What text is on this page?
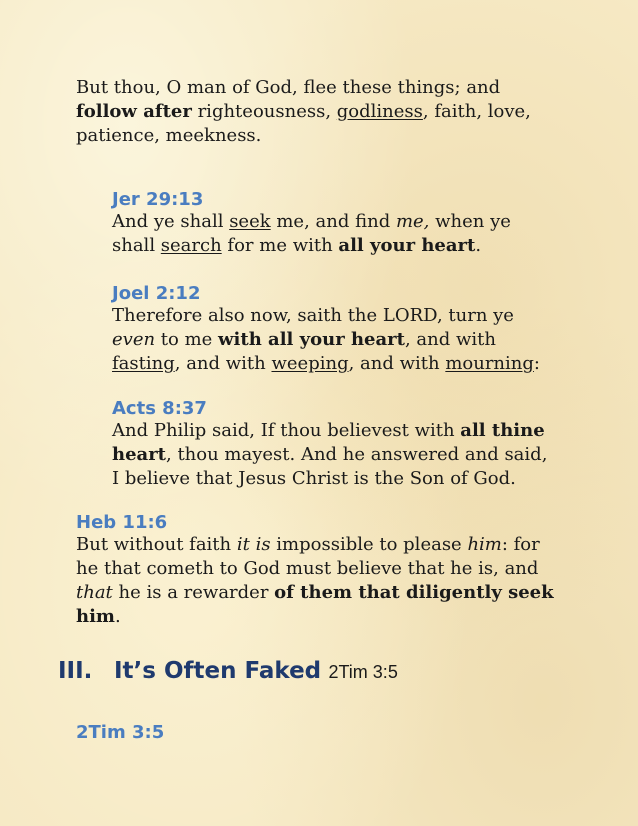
But thou, O man of God, flee these things; and
follow after righteousness, godliness, faith, love,
patience, meekness.

Jer 29:13

And ye shall seek me, and find me, when ye
shall search for me with all your heart.

Joel 2:12

Therefore also now, saith the LORD, turn ye
even to me with all your heart, and with
fasting, and with weeping, and with mourning:

Acts 8:37

And Philip said, If thou believest with all thine
heart, thou mayest. And he answered and said,
I believe that Jesus Christ is the Son of God.

Heb 11:6

But without faith it is impossible to please him: for
he that cometh to God must believe that he is, and
that he is a rewarder of them that diligently seek
him.

III. It’s Often Faked 2Tim 3:5

2Tim 3:5
